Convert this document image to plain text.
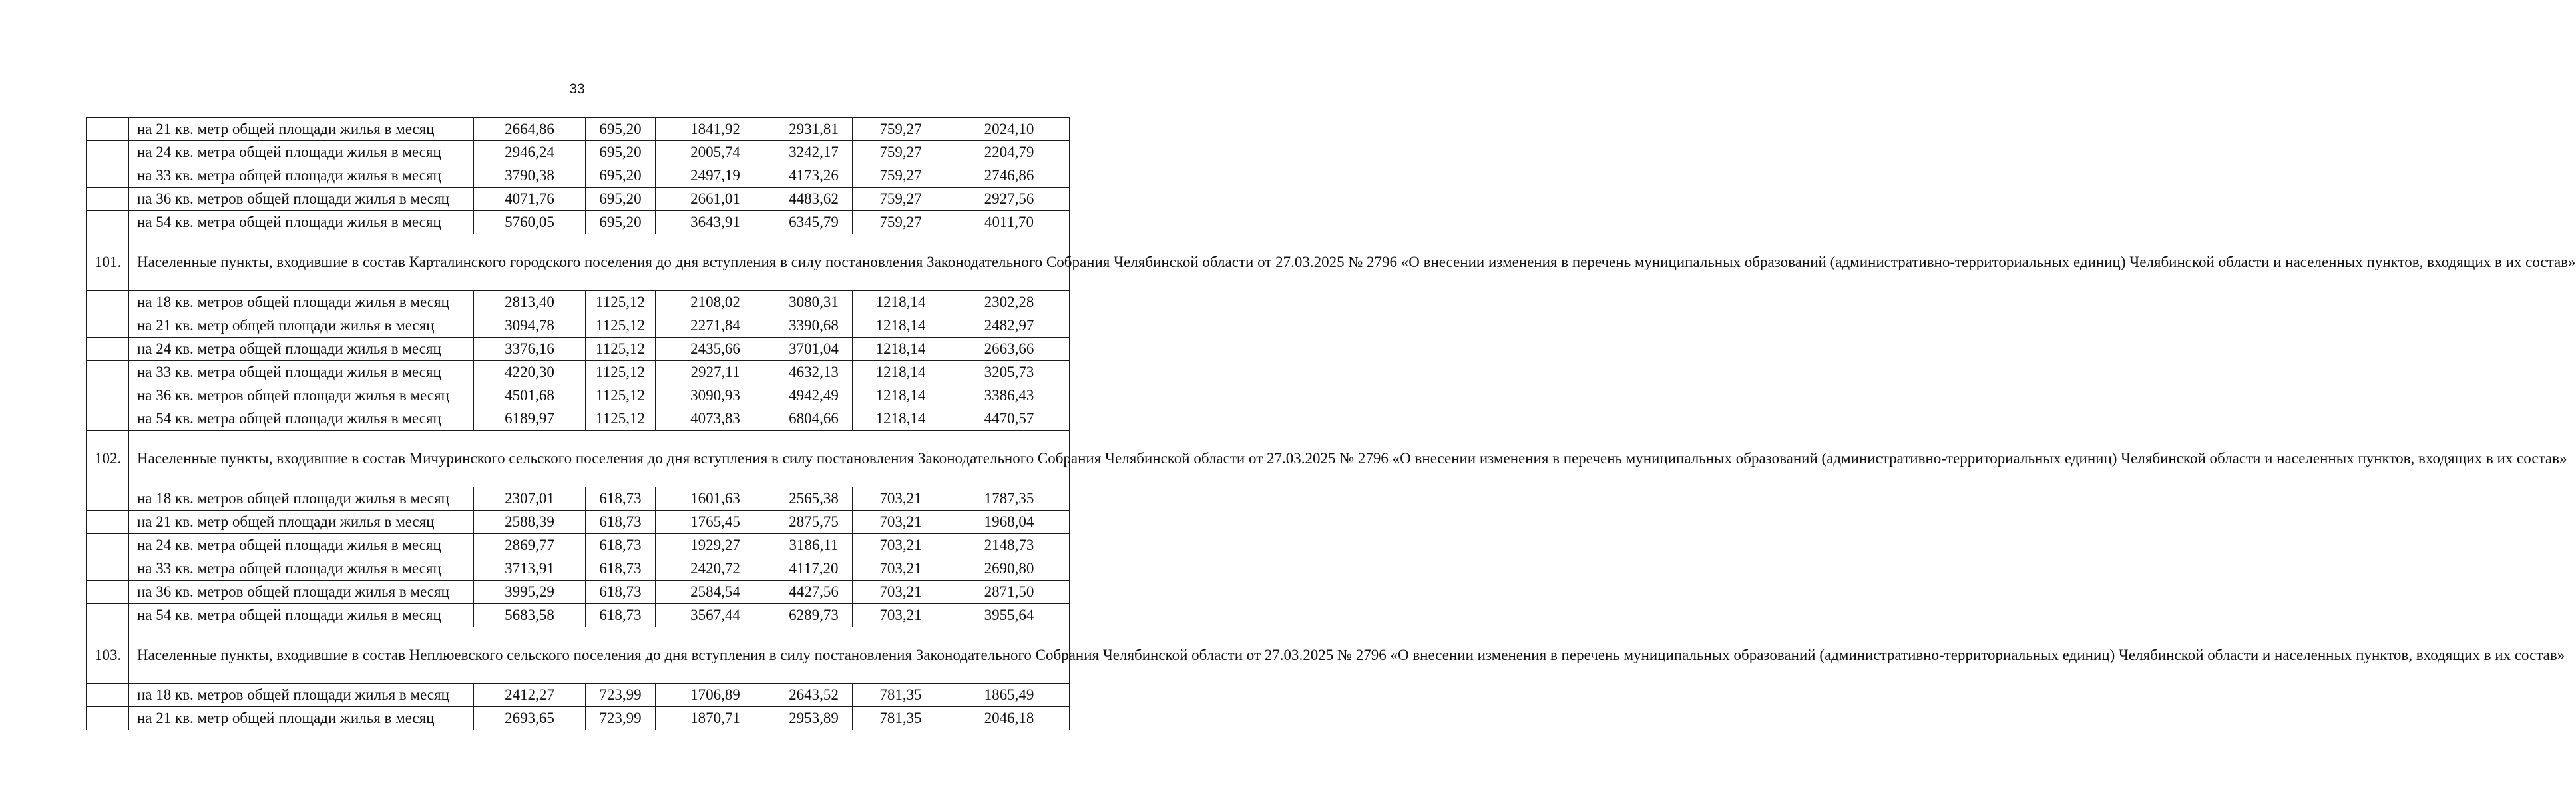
33
	на 21 кв. метр общей площади жилья в месяц	2664,86	695,20	1841,92	2931,81	759,27	2024,10
	на 24 кв. метра общей площади жилья в месяц	2946,24	695,20	2005,74	3242,17	759,27	2204,79
	на 33 кв. метра общей площади жилья в месяц	3790,38	695,20	2497,19	4173,26	759,27	2746,86
	на 36 кв. метров общей площади жилья в месяц	4071,76	695,20	2661,01	4483,62	759,27	2927,56
	на 54 кв. метра общей площади жилья в месяц	5760,05	695,20	3643,91	6345,79	759,27	4011,70
101.	Населенные пункты, входившие в состав Карталинского городского поселения до дня вступления в силу постановления Законодательного Собрания Челябинской области от 27.03.2025 № 2796 «О внесении изменения в перечень муниципальных образований (административно-территориальных единиц) Челябинской области и населенных пунктов, входящих в их состав»						
	на 18 кв. метров общей площади жилья в месяц	2813,40	1125,12	2108,02	3080,31	1218,14	2302,28
	на 21 кв. метр общей площади жилья в месяц	3094,78	1125,12	2271,84	3390,68	1218,14	2482,97
	на 24 кв. метра общей площади жилья в месяц	3376,16	1125,12	2435,66	3701,04	1218,14	2663,66
	на 33 кв. метра общей площади жилья в месяц	4220,30	1125,12	2927,11	4632,13	1218,14	3205,73
	на 36 кв. метров общей площади жилья в месяц	4501,68	1125,12	3090,93	4942,49	1218,14	3386,43
	на 54 кв. метра общей площади жилья в месяц	6189,97	1125,12	4073,83	6804,66	1218,14	4470,57
102.	Населенные пункты, входившие в состав Мичуринского сельского поселения до дня вступления в силу постановления Законодательного Собрания Челябинской области от 27.03.2025 № 2796 «О внесении изменения в перечень муниципальных образований (административно-территориальных единиц) Челябинской области и населенных пунктов, входящих в их состав»						
	на 18 кв. метров общей площади жилья в месяц	2307,01	618,73	1601,63	2565,38	703,21	1787,35
	на 21 кв. метр общей площади жилья в месяц	2588,39	618,73	1765,45	2875,75	703,21	1968,04
	на 24 кв. метра общей площади жилья в месяц	2869,77	618,73	1929,27	3186,11	703,21	2148,73
	на 33 кв. метра общей площади жилья в месяц	3713,91	618,73	2420,72	4117,20	703,21	2690,80
	на 36 кв. метров общей площади жилья в месяц	3995,29	618,73	2584,54	4427,56	703,21	2871,50
	на 54 кв. метра общей площади жилья в месяц	5683,58	618,73	3567,44	6289,73	703,21	3955,64
103.	Населенные пункты, входившие в состав Неплюевского сельского поселения до дня вступления в силу постановления Законодательного Собрания Челябинской области от 27.03.2025 № 2796 «О внесении изменения в перечень муниципальных образований (административно-территориальных единиц) Челябинской области и населенных пунктов, входящих в их состав»						
	на 18 кв. метров общей площади жилья в месяц	2412,27	723,99	1706,89	2643,52	781,35	1865,49
	на 21 кв. метр общей площади жилья в месяц	2693,65	723,99	1870,71	2953,89	781,35	2046,18
